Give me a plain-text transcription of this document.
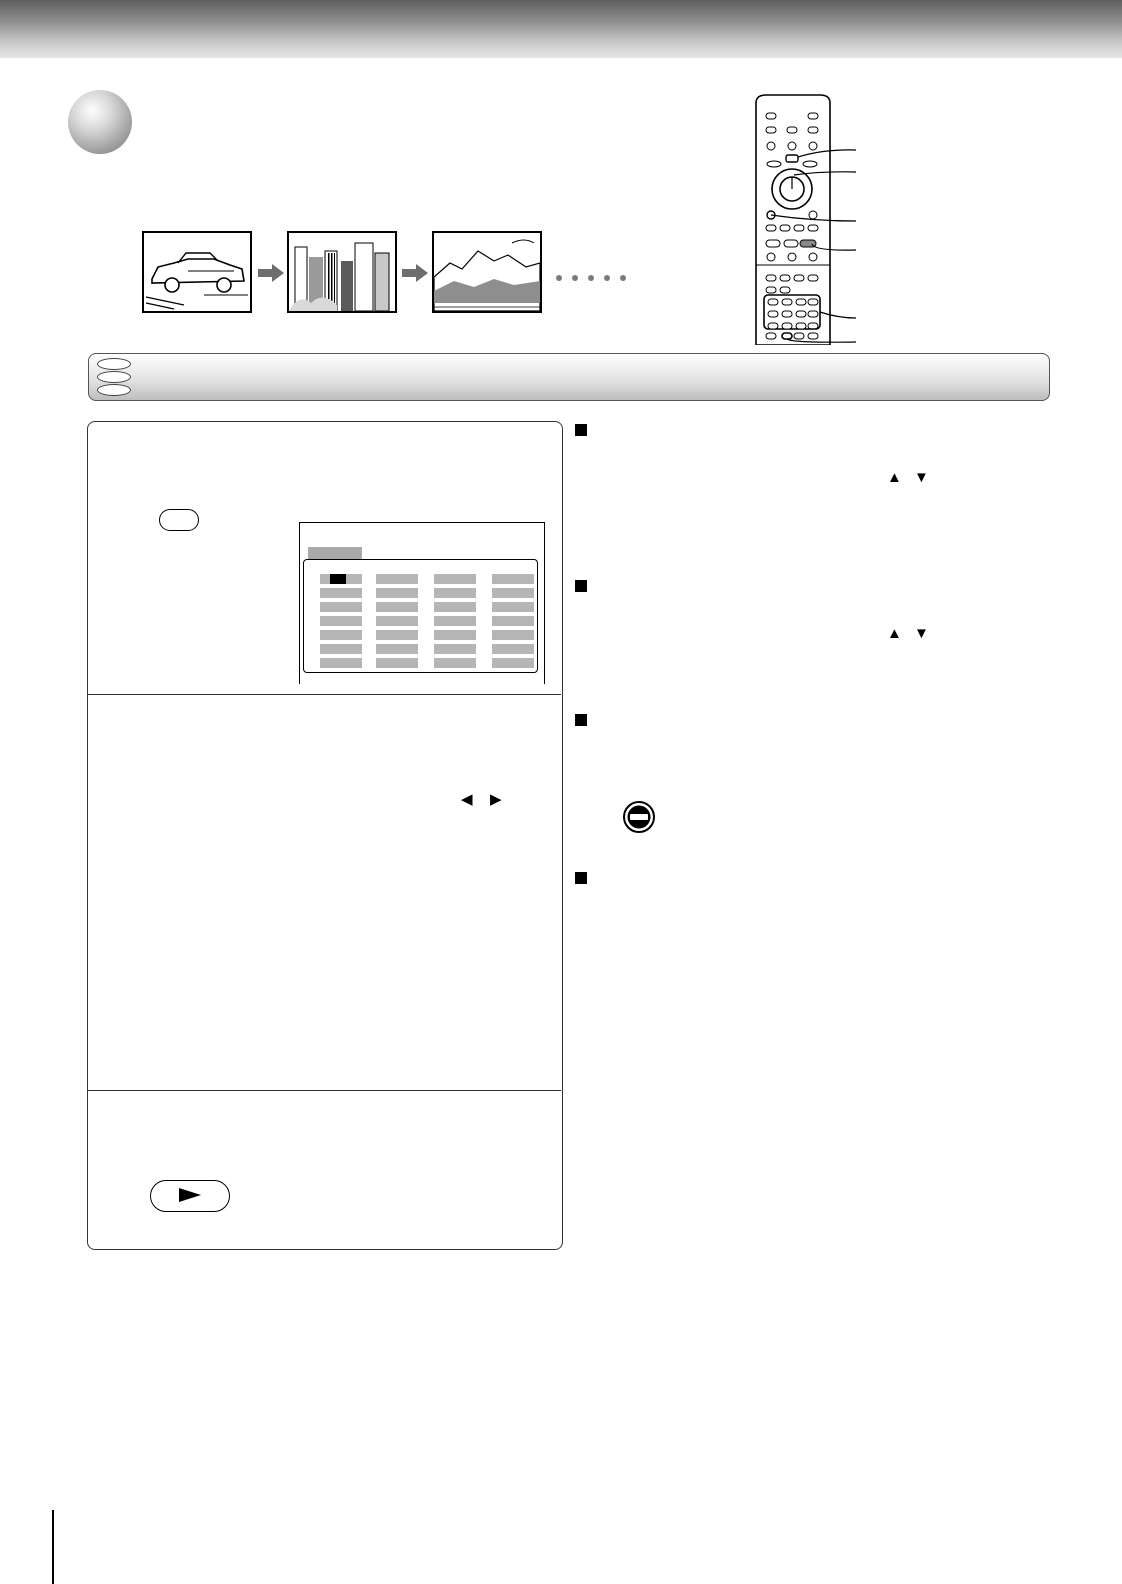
◀ ▶
▲ ▼
▲ ▼
